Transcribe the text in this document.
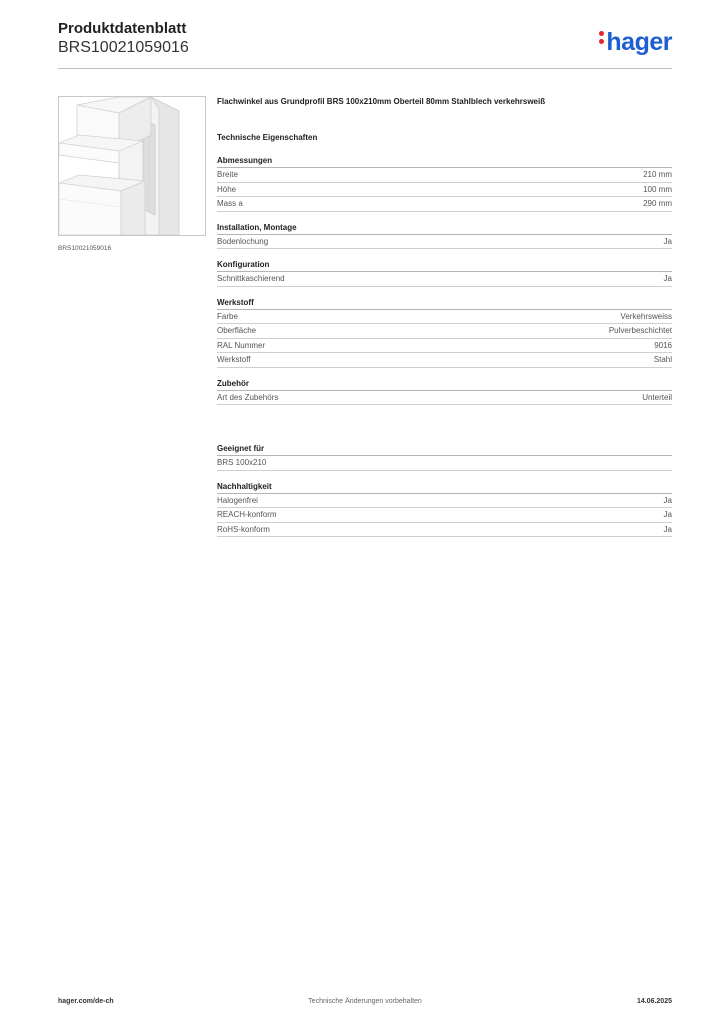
Produktdatenblatt
BRS10021059016	hager
BRS10021059016
Flachwinkel aus Grundprofil BRS 100x210mm Oberteil 80mm Stahlblech verkehrsweiß
Technische Eigenschaften
Abmessungen
Breite	210 mm
Höhe	100 mm
Mass a	290 mm
Installation, Montage
Bodenlochung	Ja
Konfiguration
Schnittkaschierend	Ja
Werkstoff
Farbe	Verkehrsweiss
Oberfläche	Pulverbeschichtet
RAL Nummer	9016
Werkstoff	Stahl
Zubehör
Art des Zubehörs	Unterteil
Geeignet für
BRS 100x210
Nachhaltigkeit
Halogenfrei	Ja
REACH-konform	Ja
RoHS-konform	Ja
hager.com/de-ch	Technische Änderungen vorbehalten	14.06.2025
